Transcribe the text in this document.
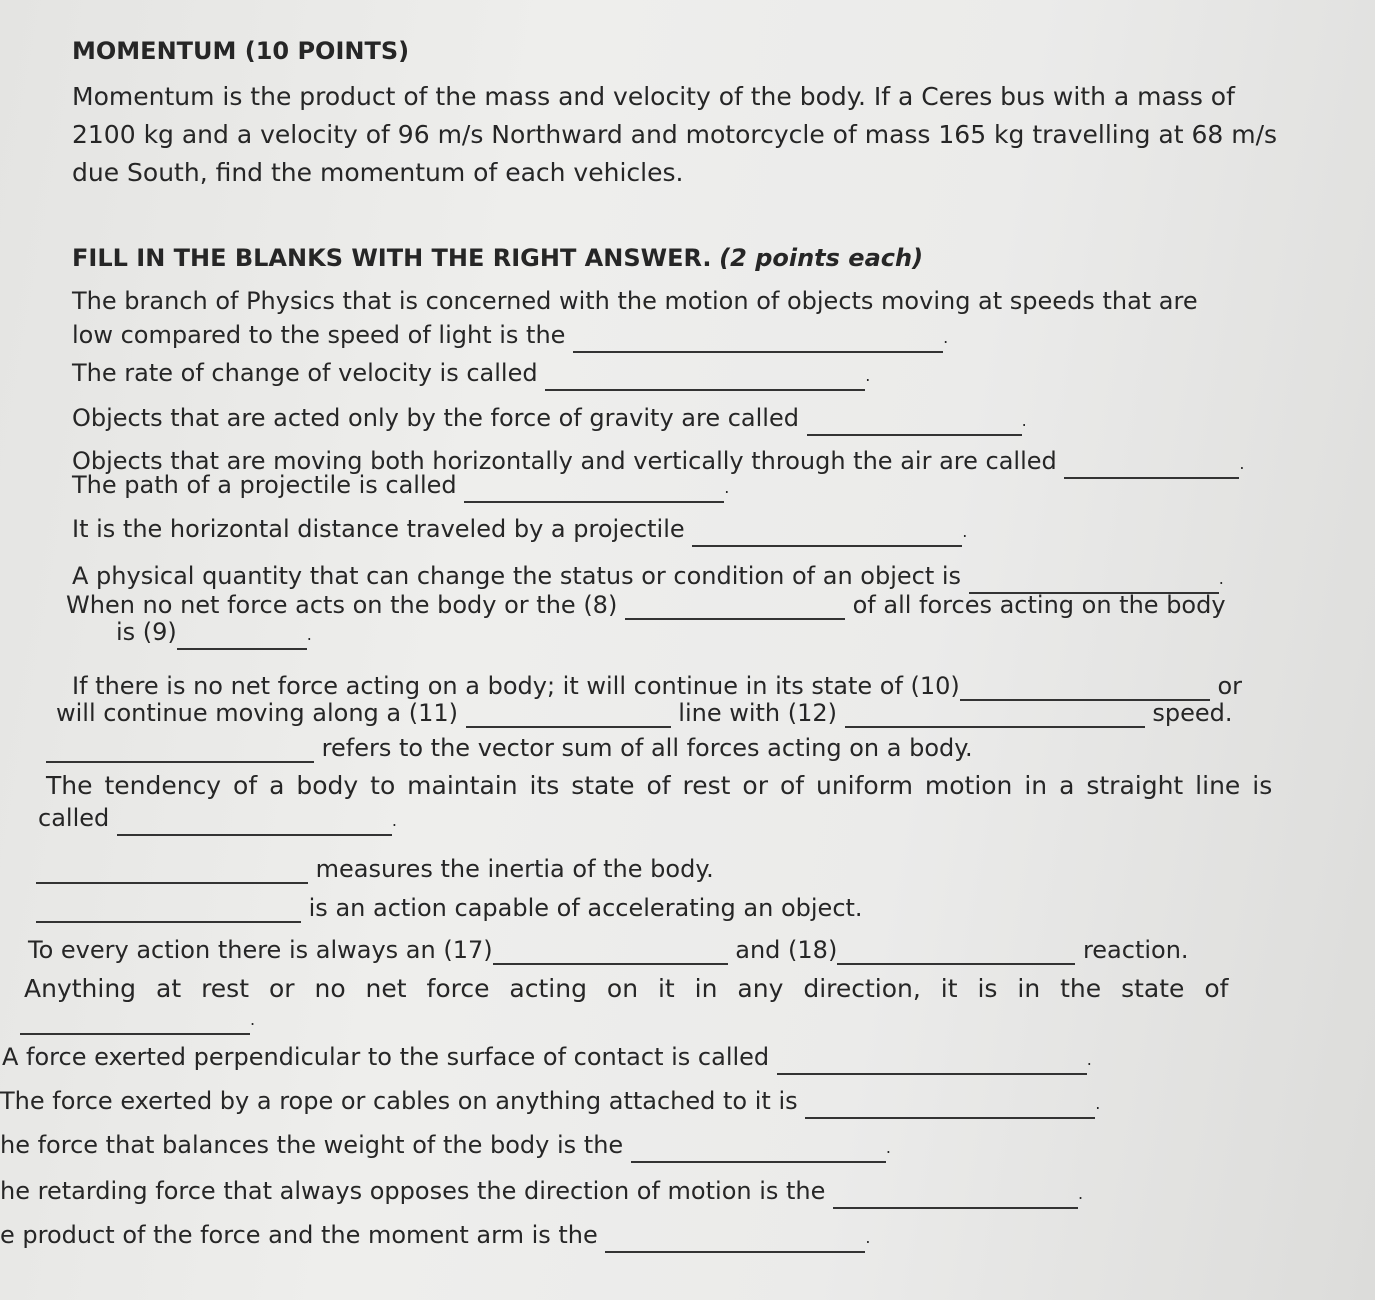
MOMENTUM (10 POINTS)
Momentum is the product of the mass and velocity of the body. If a Ceres bus with a mass of
2100 kg and a velocity of 96 m/s Northward and motorcycle of mass 165 kg travelling at 68 m/s
due South, find the momentum of each vehicles.
FILL IN THE BLANKS WITH THE RIGHT ANSWER. (2 points each)
The branch of Physics that is concerned with the motion of objects moving at speeds that are
low compared to the speed of light is the	.
The rate of change of velocity is called	.
Objects that are acted only by the force of gravity are called	.
Objects that are moving both horizontally and vertically through the air are called	.
The path of a projectile is called	.
It is the horizontal distance traveled by a projectile	.
A physical quantity that can change the status or condition of an object is	.
When no net force acts on the body or the (8)	of all forces acting on the body
is (9)	.
If there is no net force acting on a body; it will continue in its state of (10)	or
will continue moving along a (11)	line with (12)	speed.
refers to the vector sum of all forces acting on a body.
The tendency of a body to maintain its state of rest or of uniform motion in a straight line is
called	.
measures the inertia of the body.
is an action capable of accelerating an object.
To every action there is always an (17)	and (18)	reaction.
Anything at rest or no net force acting on it in any direction, it is in the state of
.
A force exerted perpendicular to the surface of contact is called	.
The force exerted by a rope or cables on anything attached to it is	.
he force that balances the weight of the body is the	.
he retarding force that always opposes the direction of motion is the	.
e product of the force and the moment arm is the	.
